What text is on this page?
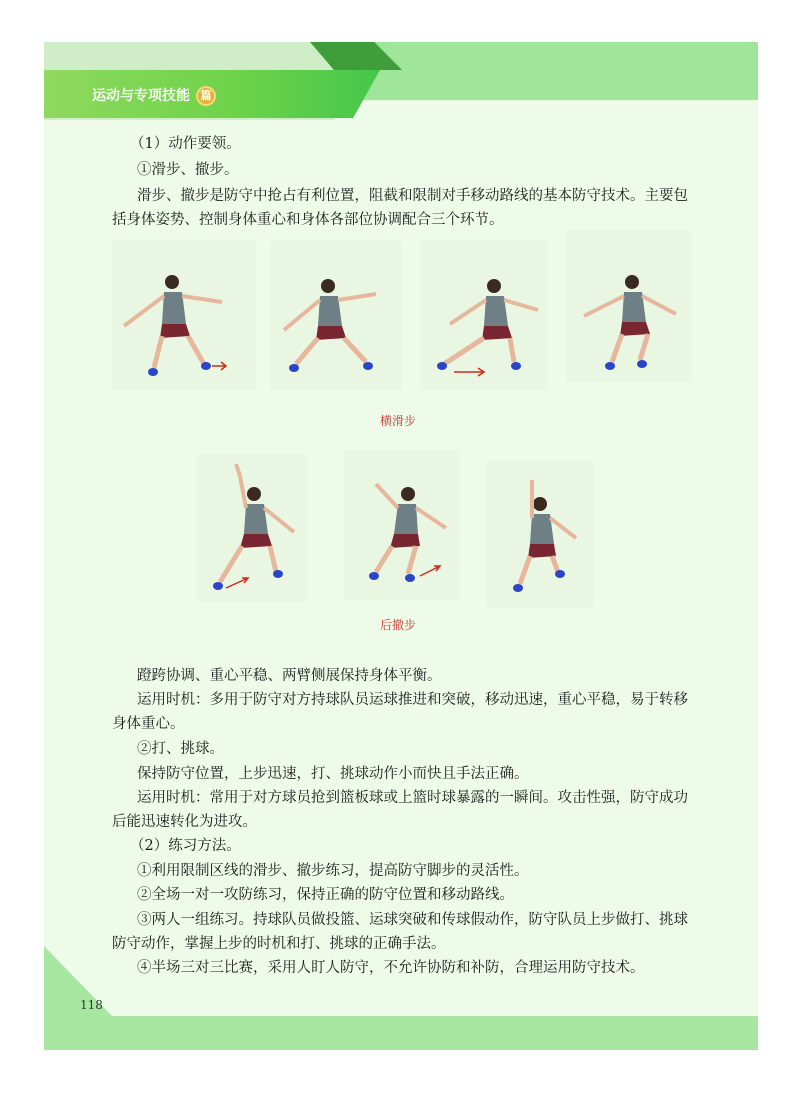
运动与专项技能 篇
（1）动作要领。
①滑步、撤步。
滑步、撤步是防守中抢占有利位置，阻截和限制对手移动路线的基本防守技术。主要包
括身体姿势、控制身体重心和身体各部位协调配合三个环节。
横滑步
后撤步
蹬跨协调、重心平稳、两臂侧展保持身体平衡。
运用时机：多用于防守对方持球队员运球推进和突破，移动迅速，重心平稳，易于转移
身体重心。
②打、挑球。
保持防守位置，上步迅速，打、挑球动作小而快且手法正确。
运用时机：常用于对方球员抢到篮板球或上篮时球暴露的一瞬间。攻击性强，防守成功
后能迅速转化为进攻。
（2）练习方法。
①利用限制区线的滑步、撤步练习，提高防守脚步的灵活性。
②全场一对一攻防练习，保持正确的防守位置和移动路线。
③两人一组练习。持球队员做投篮、运球突破和传球假动作，防守队员上步做打、挑球
防守动作，掌握上步的时机和打、挑球的正确手法。
④半场三对三比赛，采用人盯人防守，不允许协防和补防，合理运用防守技术。
118
